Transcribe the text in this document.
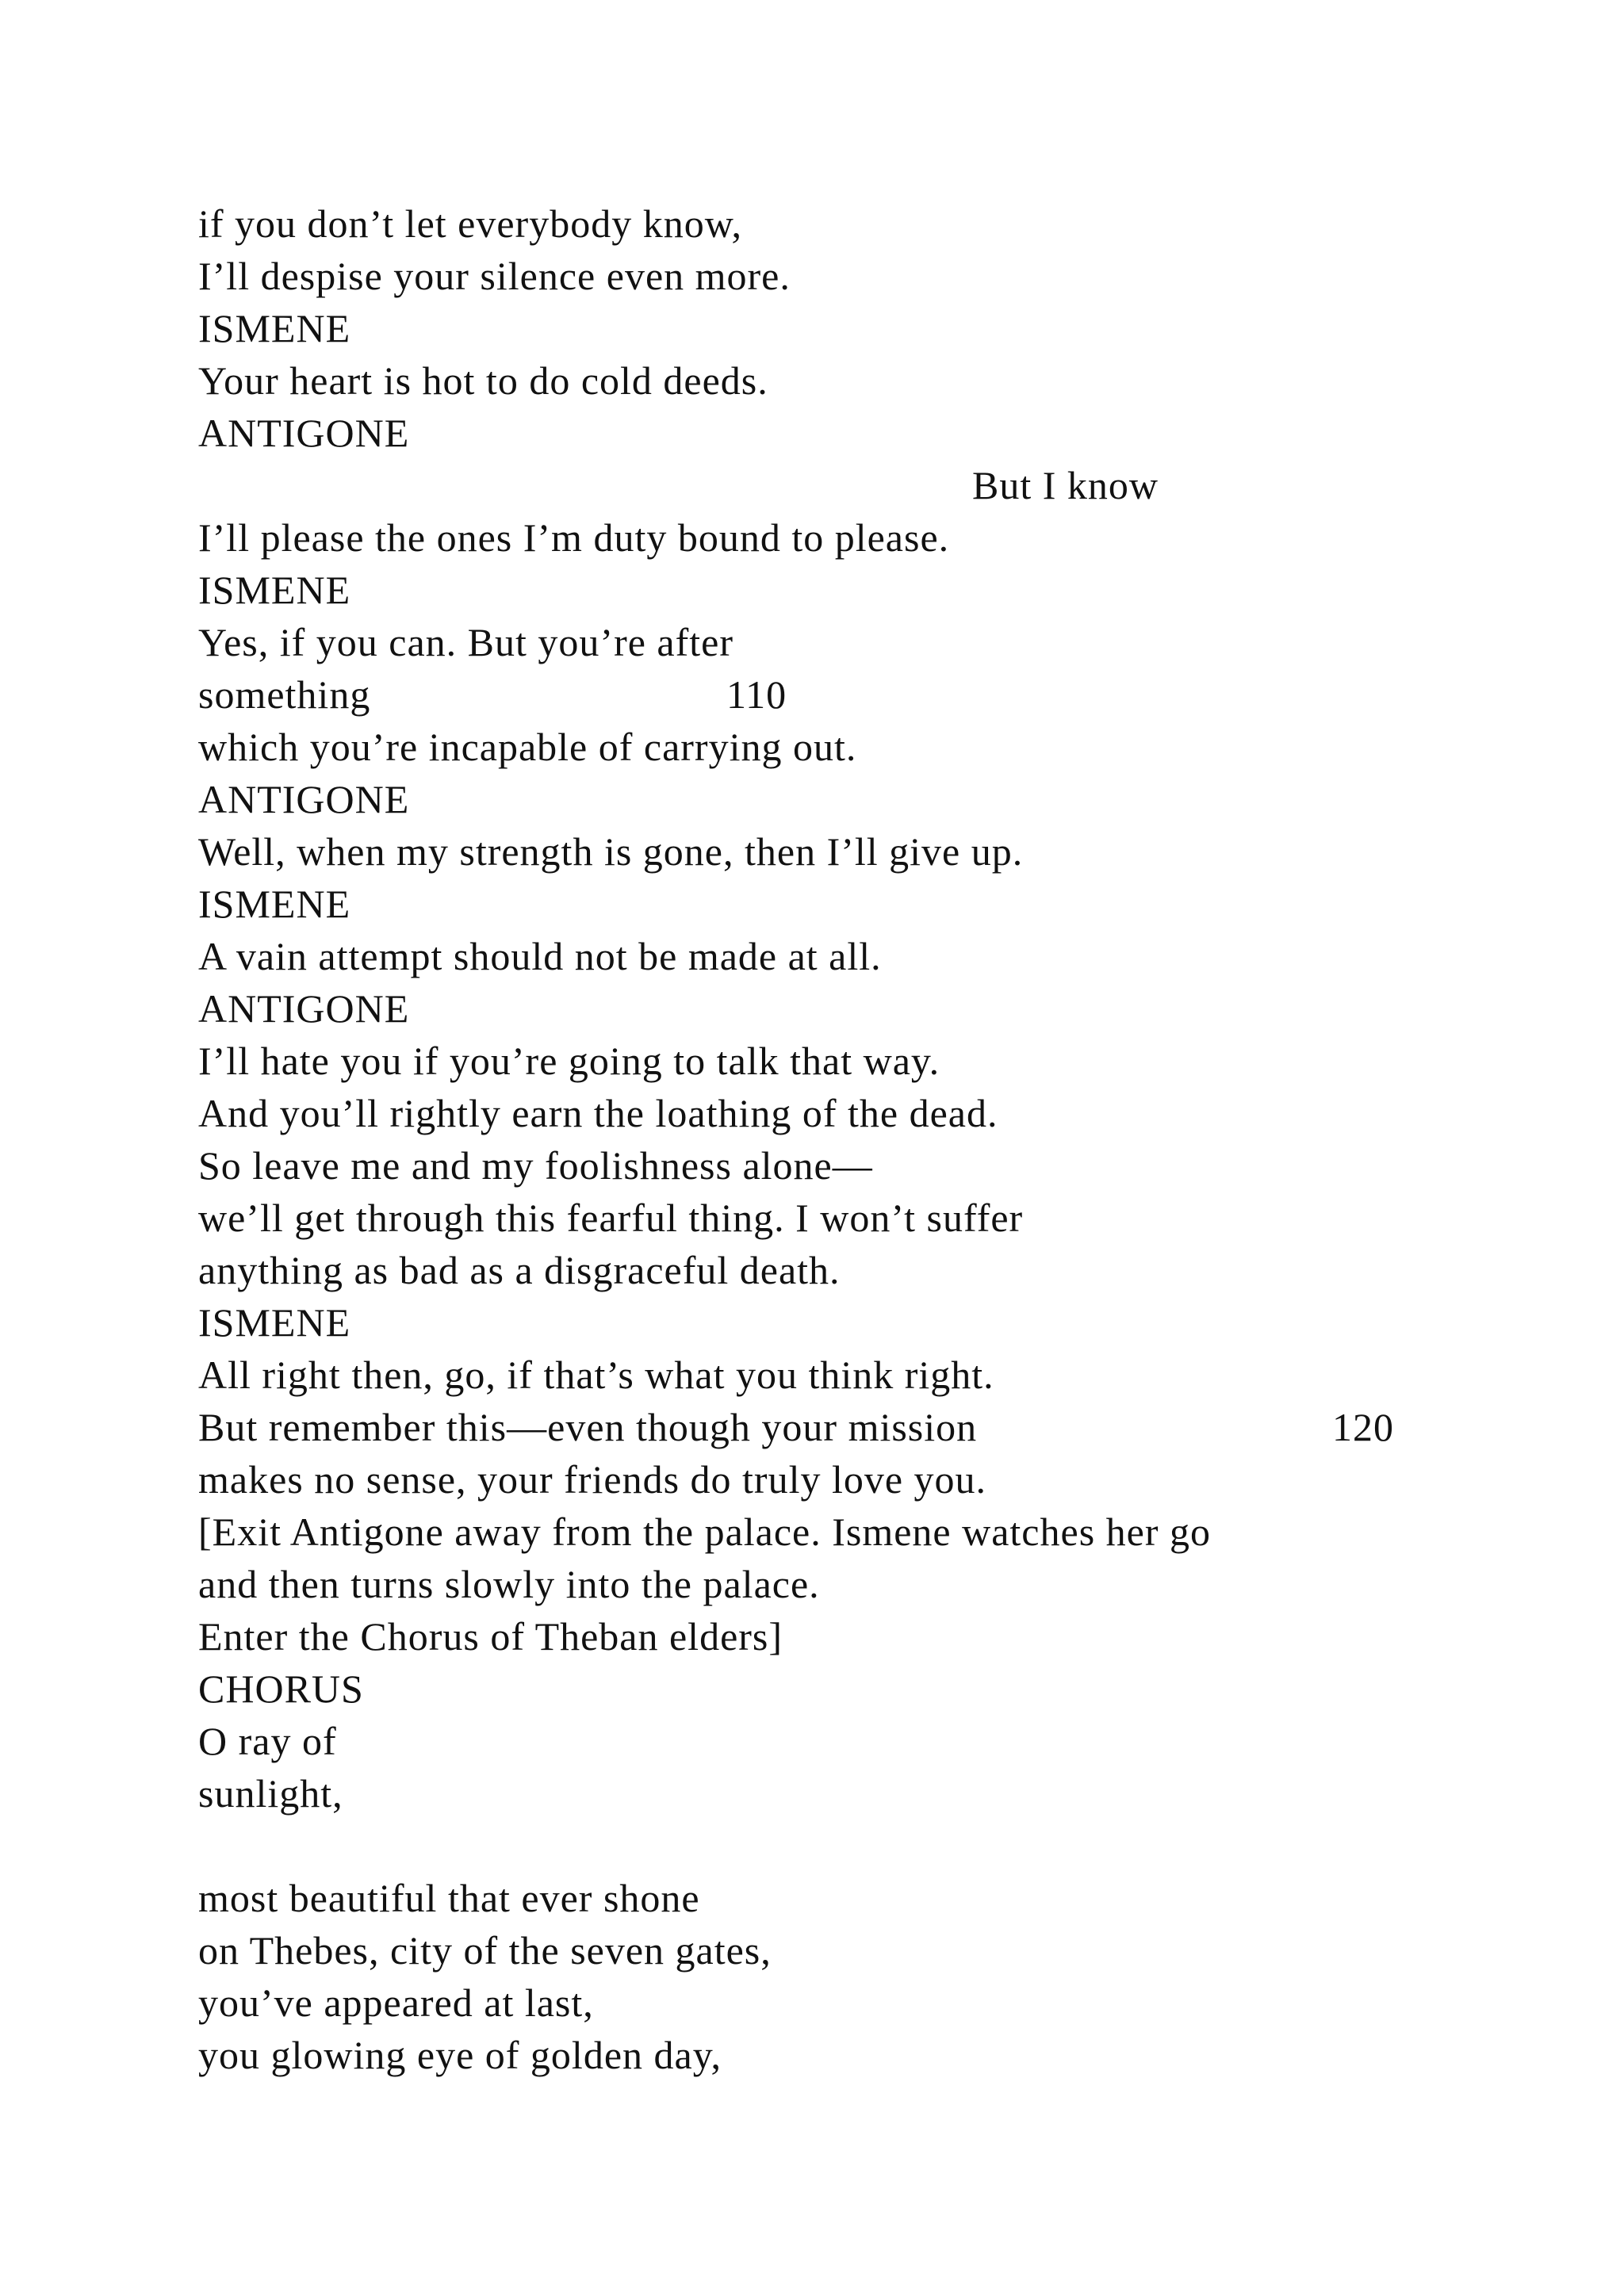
if you don’t let everybody know,
I’ll despise your silence even more.
ISMENE
Your heart is hot to do cold deeds.
ANTIGONE
But I know
I’ll please the ones I’m duty bound to please.
ISMENE
Yes, if you can. But you’re after
something	110
which you’re incapable of carrying out.
ANTIGONE
Well, when my strength is gone, then I’ll give up.
ISMENE
A vain attempt should not be made at all.
ANTIGONE
I’ll hate you if you’re going to talk that way.
And you’ll rightly earn the loathing of the dead.
So leave me and my foolishness alone—
we’ll get through this fearful thing. I won’t suffer
anything as bad as a disgraceful death.
ISMENE
All right then, go, if that’s what you think right.
But remember this—even though your mission	120
makes no sense, your friends do truly love you.
[Exit Antigone away from the palace. Ismene watches her go
and then turns slowly into the palace.
Enter the Chorus of Theban elders]
CHORUS
O ray of
sunlight,
most beautiful that ever shone
on Thebes, city of the seven gates,
you’ve appeared at last,
you glowing eye of golden day,
